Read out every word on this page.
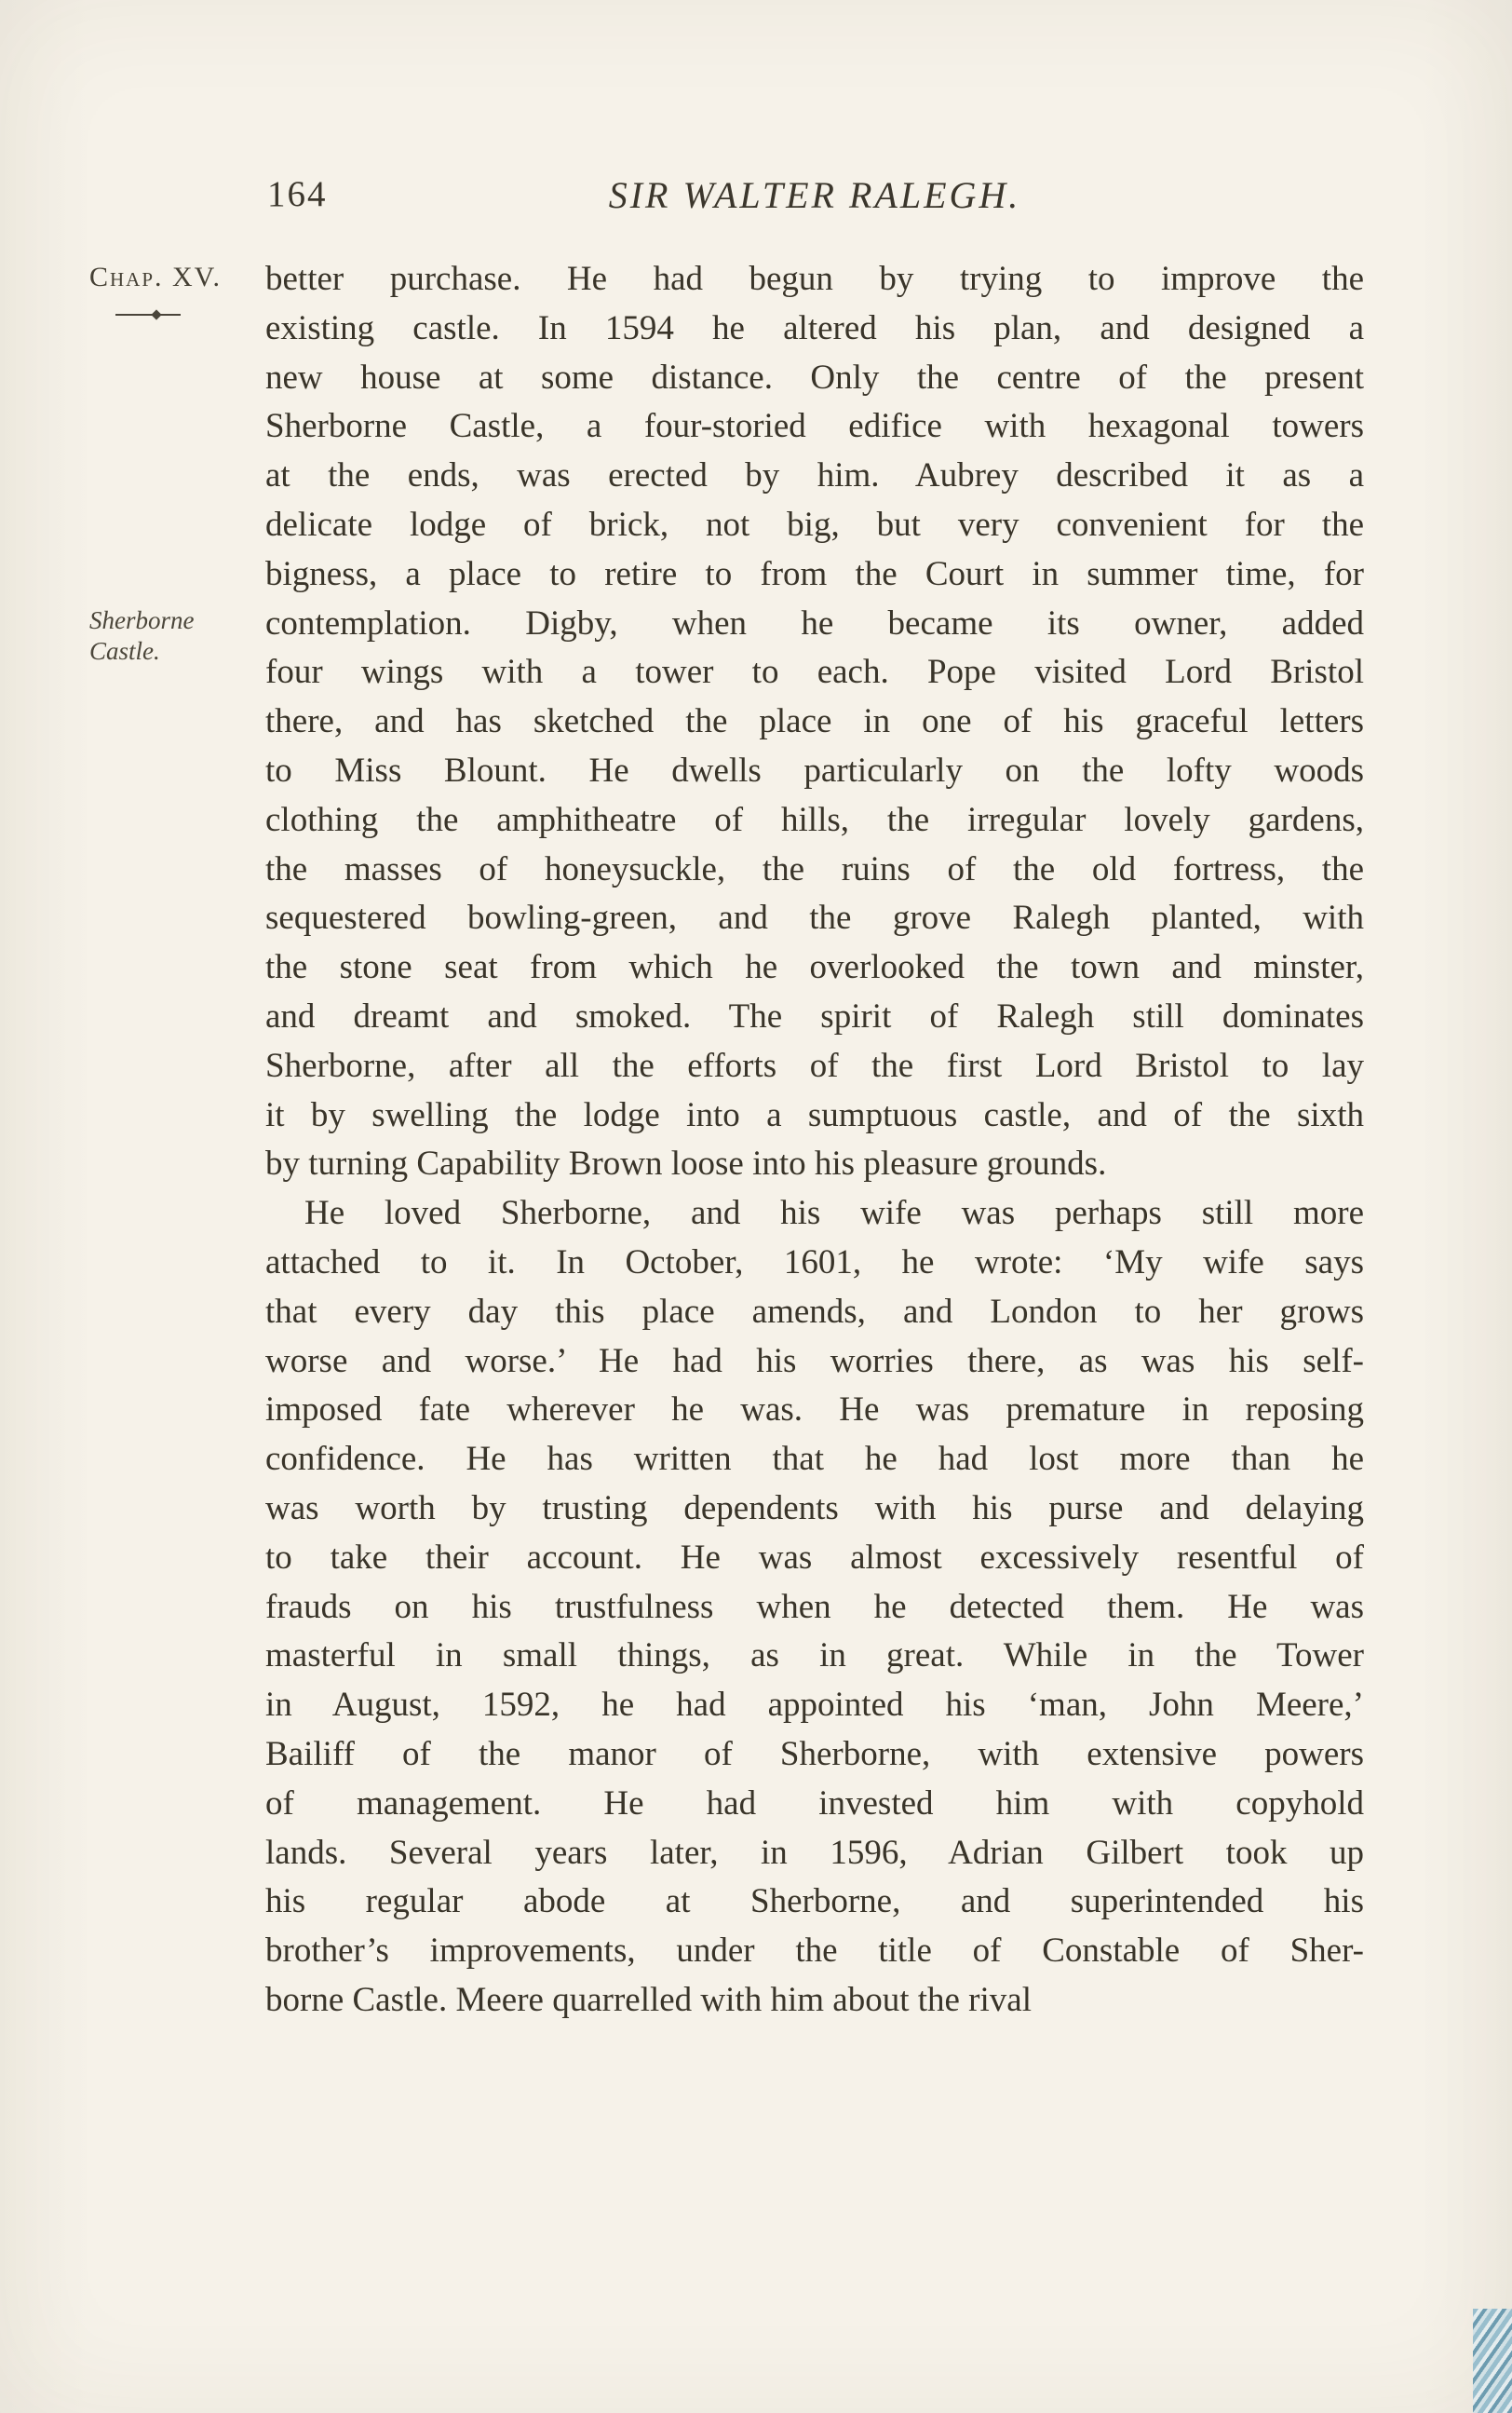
164	SIR WALTER RALEGH.
Chap. XV.
Sherborne
Castle.
better purchase. He had begun by trying to improve the
existing castle. In 1594 he altered his plan, and designed a
new house at some distance. Only the centre of the present
Sherborne Castle, a four-storied edifice with hexagonal towers
at the ends, was erected by him. Aubrey described it as a
delicate lodge of brick, not big, but very convenient for the
bigness, a place to retire to from the Court in summer time, for
contemplation. Digby, when he became its owner, added
four wings with a tower to each. Pope visited Lord Bristol
there, and has sketched the place in one of his graceful letters
to Miss Blount. He dwells particularly on the lofty woods
clothing the amphitheatre of hills, the irregular lovely gardens,
the masses of honeysuckle, the ruins of the old fortress, the
sequestered bowling-green, and the grove Ralegh planted, with
the stone seat from which he overlooked the town and minster,
and dreamt and smoked. The spirit of Ralegh still dominates
Sherborne, after all the efforts of the first Lord Bristol to lay
it by swelling the lodge into a sumptuous castle, and of the sixth
by turning Capability Brown loose into his pleasure grounds.
He loved Sherborne, and his wife was perhaps still more
attached to it. In October, 1601, he wrote: ‘My wife says
that every day this place amends, and London to her grows
worse and worse.’ He had his worries there, as was his self-
imposed fate wherever he was. He was premature in reposing
confidence. He has written that he had lost more than he
was worth by trusting dependents with his purse and delaying
to take their account. He was almost excessively resentful of
frauds on his trustfulness when he detected them. He was
masterful in small things, as in great. While in the Tower
in August, 1592, he had appointed his ‘man, John Meere,’
Bailiff of the manor of Sherborne, with extensive powers
of management. He had invested him with copyhold
lands. Several years later, in 1596, Adrian Gilbert took up
his regular abode at Sherborne, and superintended his
brother’s improvements, under the title of Constable of Sher-
borne Castle. Meere quarrelled with him about the rival
